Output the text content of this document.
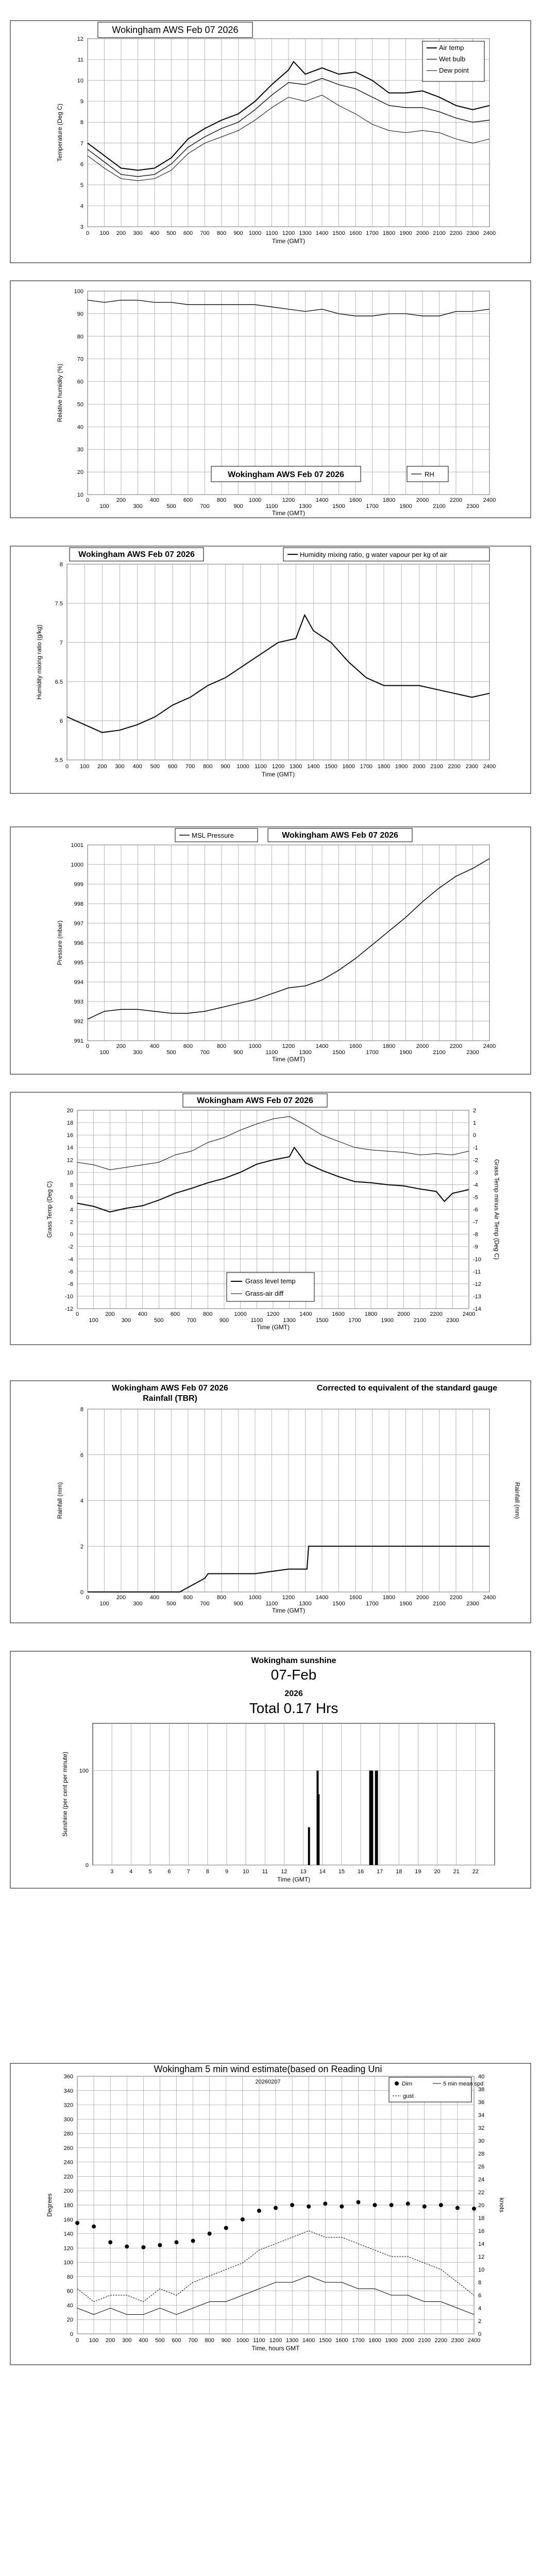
0 100 200 300 400 500 600 700 800 900 1000 1100 1200 1300 1400 1500 1600 1700 1800 1900 2000 2100 2200 2300 2400
3
4
5
6
7
8
9
10
11
12
Time (GMT)
Temperature (Deg C)
Wokingham AWS Feb 07 2026
Air temp
Wet bulb
Dew point
0	200	400	600	800	1000	1200	1400	1600	1800	2000	2200	2400
100	300	500	700	900	1100	1300	1500	1700	1900	2100	2300
10
20
30
40
50
60
70
80
90
100
Time (GMT)
Relative humidity (%)
Wokingham AWS Feb 07 2026	RH
0 100 200 300 400 500 600 700 800 900 1000 1100 1200 1300 1400 1500 1600 1700 1800 1900 2000 2100 2200 2300 2400
5.5
6
6.5
7
7.5
8
Time (GMT)
Humidity mixing ratio (g/kg)
Wokingham AWS Feb 07 2026	Humidity mixing ratio, g water vapour per kg of air
0	200	400	600	800	1000	1200	1400	1600	1800	2000	2200	2400
100	300	500	700	900	1100	1300	1500	1700	1900	2100	2300
991
992
993
994
995
996
997
998
999
1000
1001
Time (GMT)
Pressure (mbar)
MSL Pressure	Wokingham AWS Feb 07 2026
0	200	400	600	800	1000	1200	1400	1600	1800	2000	2200	2400
100	300	500	700	900	1100	1300	1500	1700	1900	2100	2300
-12
-10
-8
-6
-4
-2
0
2
4
6
8
10
12
14
16
18
20
-14
-13
-12
-11
-10
-9
-8
-7
-6
-5
-4
-3
-2
-1
0
1
2
Time (GMT)
Grass Temp (Deg C)	Grass Temp minus Air Temp (Deg C)
Wokingham AWS Feb 07 2026
Grass level temp
Grass-air diff
0	200	400	600	800	1000	1200	1400	1600	1800	2000	2200	2400
100	300	500	700	900	1100	1300	1500	1700	1900	2100	2300
0
2
4
6
8
Time (GMT)
Rainfall (mm)	Rainfall (mm)
Wokingham AWS Feb 07 2026
Rainfall (TBR)
Corrected to equivalent of the standard gauge
3	4	5	6	7	8	9	10 11 12 13 14 15 16 17 18 19 20 21 22
0
100
Time (GMT)
Sunshine (per cent per minute)
Wokingham sunshine
07-Feb
2026
Total 0.17 Hrs
0 100 200 300 400 500 600 700 800 900 1000 1100 1200 1300 1400 1500 1600 1700 1800 1900 2000 2100 2200 2300 2400
0
20
40
60
80
100
120
140
160
180
200
220
240
260
280
300
320
340
360
0
2
4
6
8
10
12
14
16
18
20
22
24
26
28
30
32
34
36
38
40
Time, hours GMT
Degrees	knots
Wokingham 5 min wind estimate(based on Reading Uni
20260207	Dirn	5 min mean spd
gust
